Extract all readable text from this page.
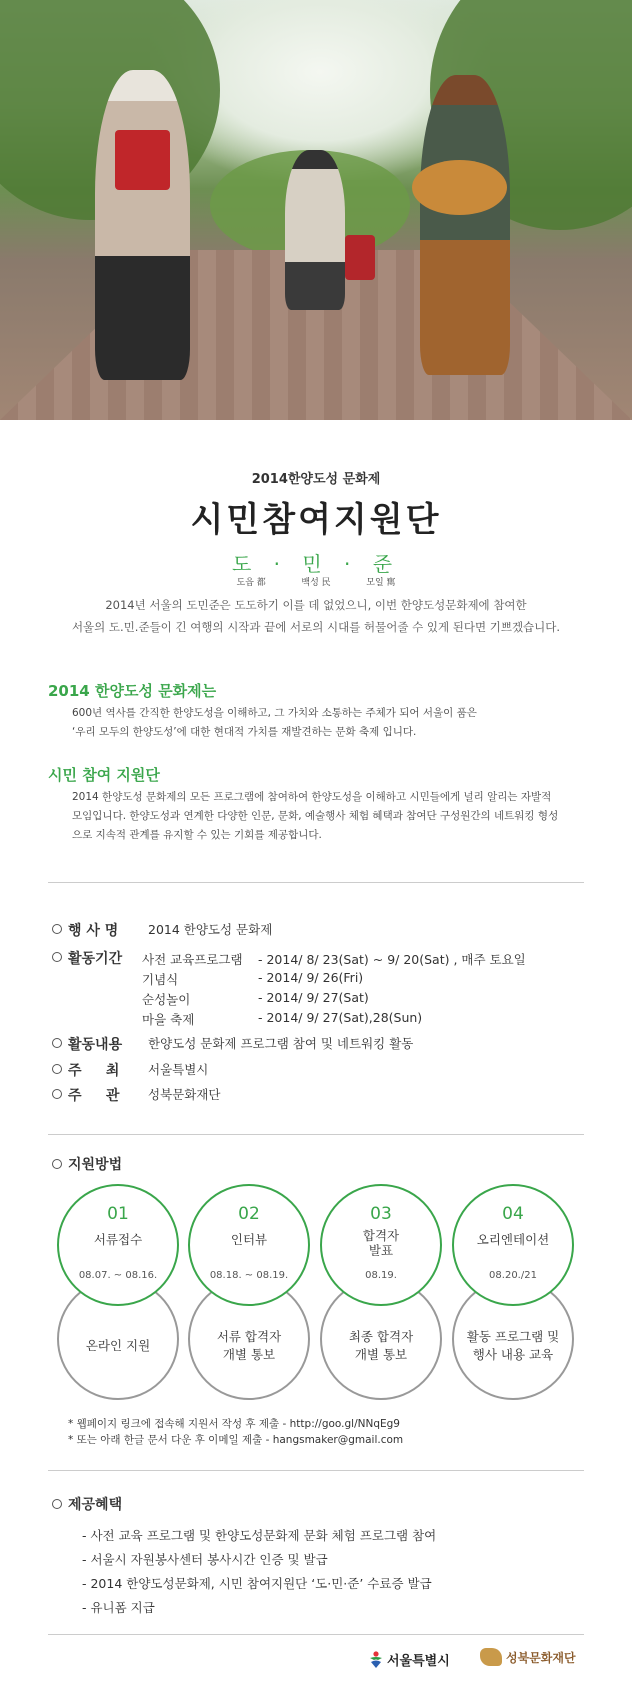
2014한양도성 문화제
시민참여지원단
도 · 민 · 준
도읍 都	백성 民	모일 寯
2014년 서울의 도민준은 도도하기 이를 데 없었으니, 이번 한양도성문화제에 참여한
서울의 도.민.준들이 긴 여행의 시작과 끝에 서로의 시대를 허물어줄 수 있게 된다면 기쁘겠습니다.
2014 한양도성 문화제는
600년 역사를 간직한 한양도성을 이해하고, 그 가치와 소통하는 주체가 되어 서울이 품은
‘우리 모두의 한양도성’에 대한 현대적 가치를 재발견하는 문화 축제 입니다.
시민 참여 지원단
2014 한양도성 문화제의 모든 프로그램에 참여하여 한양도성을 이해하고 시민들에게 널리 알리는 자발적
모임입니다. 한양도성과 연계한 다양한 인문, 문화, 예술행사 체험 혜택과 참여단 구성원간의 네트워킹 형성
으로 지속적 관계를 유지할 수 있는 기회를 제공합니다.
행 사 명	2014 한양도성 문화제
활동기간	사전 교육프로그램 - 2014/ 8/ 23(Sat) ~ 9/ 20(Sat) , 매주 토요일
기념식	- 2014/ 9/ 26(Fri)
순성놀이	- 2014/ 9/ 27(Sat)
마을 축제	- 2014/ 9/ 27(Sat),28(Sun)
활동내용	한양도성 문화제 프로그램 참여 및 네트워킹 활동
주     최	서울특별시
주     관	성북문화재단
지원방법
온라인 지원
서류 합격자
개별 통보
최종 합격자
개별 통보
활동 프로그램 및
행사 내용 교육
01
서류접수
08.07. ~ 08.16.
02
인터뷰
08.18. ~ 08.19.
03
합격자
발표
08.19.
04
오리엔테이션
08.20./21
* 웹페이지 링크에 접속해 지원서 작성 후 제출 - http://goo.gl/NNqEg9
* 또는 아래 한글 문서 다운 후 이메일 제출 - hangsmaker@gmail.com
제공혜택
- 사전 교육 프로그램 및 한양도성문화제 문화 체험 프로그램 참여
- 서울시 자원봉사센터 봉사시간 인증 및 발급
- 2014 한양도성문화제, 시민 참여지원단 ‘도·민·준’ 수료증 발급
- 유니폼 지급
서울특별시	성북문화재단
